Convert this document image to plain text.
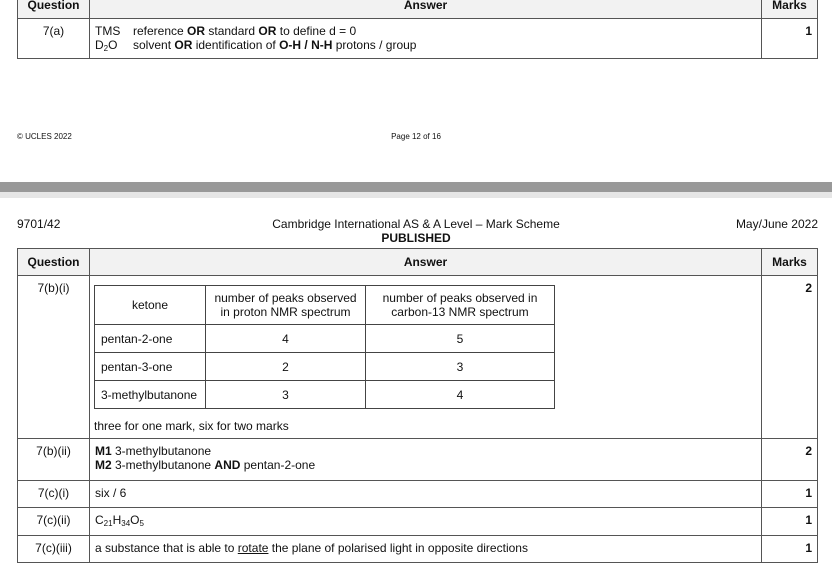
Question	Answer	Marks
7(a)	TMS reference OR standard OR to define d = 0
$D_2O$ solvent OR identification of O-H / N-H protons / group	1
© UCLES 2022	Page 12 of 16
9701/42	Cambridge International AS & A Level – Mark Scheme
PUBLISHED
May/June 2022
Question	Answer	Marks
7(b)(i)	
ketone	number of peaks observed in proton NMR spectrum	number of peaks observed in carbon-13 NMR spectrum
pentan-2-one	4	5
pentan-3-one	2	3
3-methylbutanone	3	4
three for one mark, six for two marks
	2
7(b)(ii)	M1 3-methylbutanone
M2 3-methylbutanone AND pentan-2-one
	2
7(c)(i)	six / 6	1
7(c)(ii)	$C_{21}H_{34}O_5$	1
7(c)(iii)	a substance that is able to rotate the plane of polarised light in opposite directions	1
